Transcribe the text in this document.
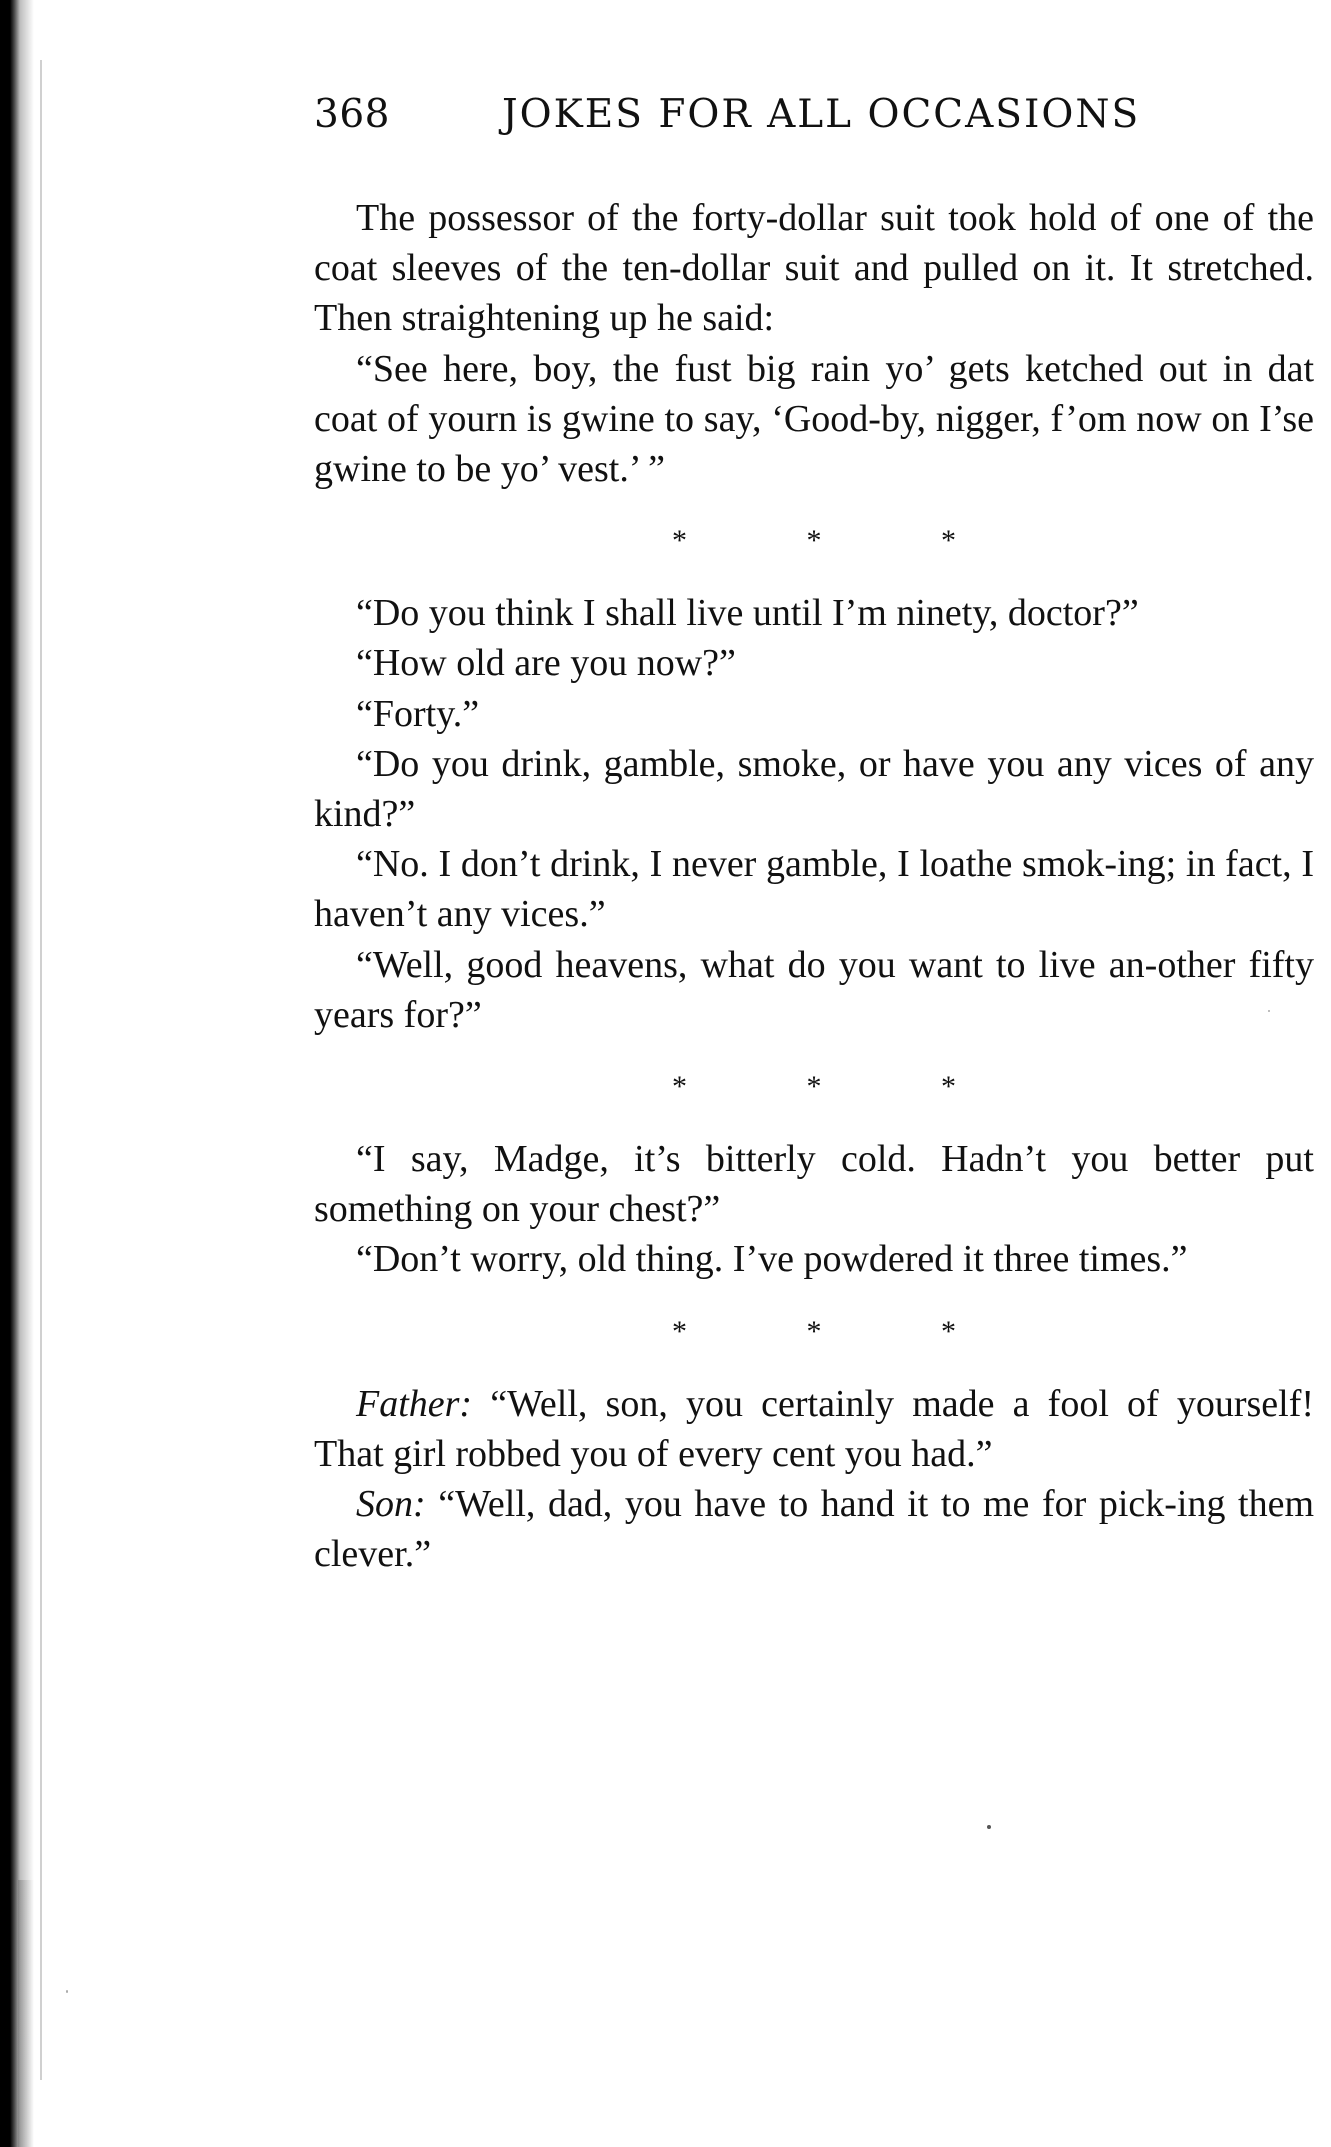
368	JOKES FOR ALL OCCASIONS

The possessor of the forty-dollar suit took hold of one of the coat sleeves of the ten-dollar suit and pulled on it. It stretched. Then straightening up he said:

“See here, boy, the fust big rain yo’ gets ketched out in dat coat of yourn is gwine to say, ‘Good-by, nigger, f’om now on I’se gwine to be yo’ vest.’ ”

* * *

“Do you think I shall live until I’m ninety, doctor?”

“How old are you now?”

“Forty.”

“Do you drink, gamble, smoke, or have you any vices of any kind?”

“No. I don’t drink, I never gamble, I loathe smok-ing; in fact, I haven’t any vices.”

“Well, good heavens, what do you want to live an-other fifty years for?”

* * *

“I say, Madge, it’s bitterly cold. Hadn’t you better put something on your chest?”

“Don’t worry, old thing. I’ve powdered it three times.”

* * *

Father: “Well, son, you certainly made a fool of yourself! That girl robbed you of every cent you had.”

Son: “Well, dad, you have to hand it to me for pick-ing them clever.”
